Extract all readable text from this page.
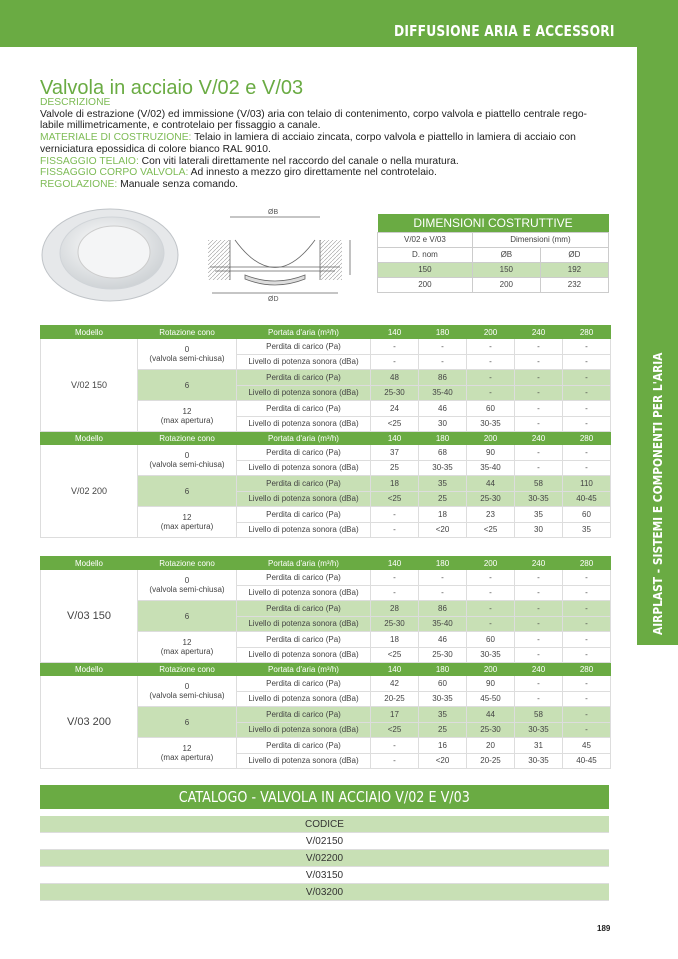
DIFFUSIONE ARIA E ACCESSORI
AIRPLAST - SISTEMI E COMPONENTI PER L'ARIA
Valvola in acciaio V/02 e V/03
DESCRIZIONE
Valvole di estrazione (V/02) ed immissione (V/03) aria con telaio di contenimento, corpo valvola e piattello centrale rego-labile millimetricamente, e controtelaio per fissaggio a canale.
MATERIALE DI COSTRUZIONE: Telaio in lamiera di acciaio zincata, corpo valvola e piattello in lamiera di acciaio con verniciatura epossidica di colore bianco RAL 9010.
FISSAGGIO TELAIO: Con viti laterali direttamente nel raccordo del canale o nella muratura.
FISSAGGIO CORPO VALVOLA: Ad innesto a mezzo giro direttamente nel controtelaio.
REGOLAZIONE: Manuale senza comando.
ØB
ØD
DIMENSIONI COSTRUTTIVE		
V/02 e V/03	Dimensioni (mm)	
D. nom	ØB	ØD
150	150	192
200	200	232
Modello	Rotazione cono	Portata d'aria (m³/h)	140	180	200	240	280
V/02 150	0
(valvola semi-chiusa)	Perdita di carico (Pa)	-	-	-	-	-
		Livello di potenza sonora (dBa)	-	-	-	-	-

	6	Perdita di carico (Pa)	48	86	-	-	-
		Livello di potenza sonora (dBa)	25-30	35-40	-	-	-

	12
(max apertura)	Perdita di carico (Pa)	24	46	60	-	-
		Livello di potenza sonora (dBa)	<25	30	30-35	-	-
Modello	Rotazione cono	Portata d'aria (m³/h)	140	180	200	240	280
V/02 200	0
(valvola semi-chiusa)	Perdita di carico (Pa)	37	68	90	-	-
		Livello di potenza sonora (dBa)	25	30-35	35-40	-	-

	6	Perdita di carico (Pa)	18	35	44	58	110
		Livello di potenza sonora (dBa)	<25	25	25-30	30-35	40-45

	12
(max apertura)	Perdita di carico (Pa)	-	18	23	35	60
		Livello di potenza sonora (dBa)	-	<20	<25	30	35
Modello	Rotazione cono	Portata d'aria (m³/h)	140	180	200	240	280
V/03 150	0
(valvola semi-chiusa)	Perdita di carico (Pa)	-	-	-	-	-
		Livello di potenza sonora (dBa)	-	-	-	-	-

	6	Perdita di carico (Pa)	28	86	-	-	-
		Livello di potenza sonora (dBa)	25-30	35-40	-	-	-

	12
(max apertura)	Perdita di carico (Pa)	18	46	60	-	-
		Livello di potenza sonora (dBa)	<25	25-30	30-35	-	-
Modello	Rotazione cono	Portata d'aria (m³/h)	140	180	200	240	280
V/03 200	0
(valvola semi-chiusa)	Perdita di carico (Pa)	42	60	90	-	-
		Livello di potenza sonora (dBa)	20-25	30-35	45-50	-	-

	6	Perdita di carico (Pa)	17	35	44	58	-
		Livello di potenza sonora (dBa)	<25	25	25-30	30-35	-

	12
(max apertura)	Perdita di carico (Pa)	-	16	20	31	45
		Livello di potenza sonora (dBa)	-	<20	20-25	30-35	40-45
CATALOGO - VALVOLA IN ACCIAIO V/02 E V/03
CODICE
V/02150
V/02200
V/03150
V/03200
189
